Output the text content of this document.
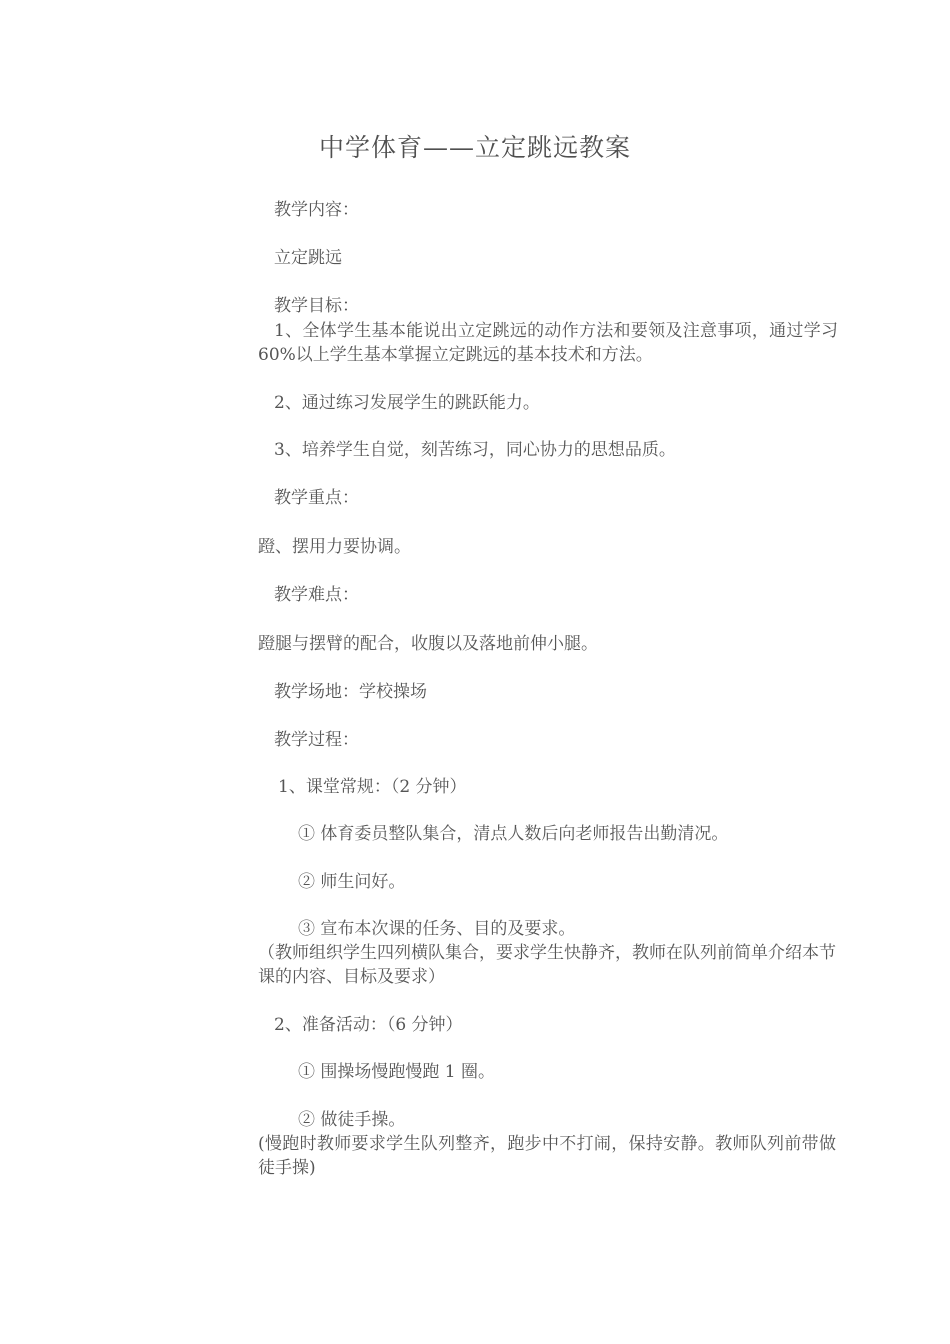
中学体育——立定跳远教案
教学内容：
立定跳远
教学目标：
1、全体学生基本能说出立定跳远的动作方法和要领及注意事项，通过学习 60%以上学生基本掌握立定跳远的基本技术和方法。
2、通过练习发展学生的跳跃能力。
3、培养学生自觉，刻苦练习，同心协力的思想品质。
教学重点：
蹬、摆用力要协调。
教学难点：
蹬腿与摆臂的配合，收腹以及落地前伸小腿。
教学场地：学校操场
教学过程：
1、课堂常规：（2 分钟）
① 体育委员整队集合，清点人数后向老师报告出勤清况。
② 师生问好。
③ 宣布本次课的任务、目的及要求。
（教师组织学生四列横队集合，要求学生快静齐，教师在队列前简单介绍本节课的内容、目标及要求）
2、准备活动：（6 分钟）
① 围操场慢跑慢跑 1 圈。
② 做徒手操。
(慢跑时教师要求学生队列整齐，跑步中不打闹，保持安静。教师队列前带做徒手操)
